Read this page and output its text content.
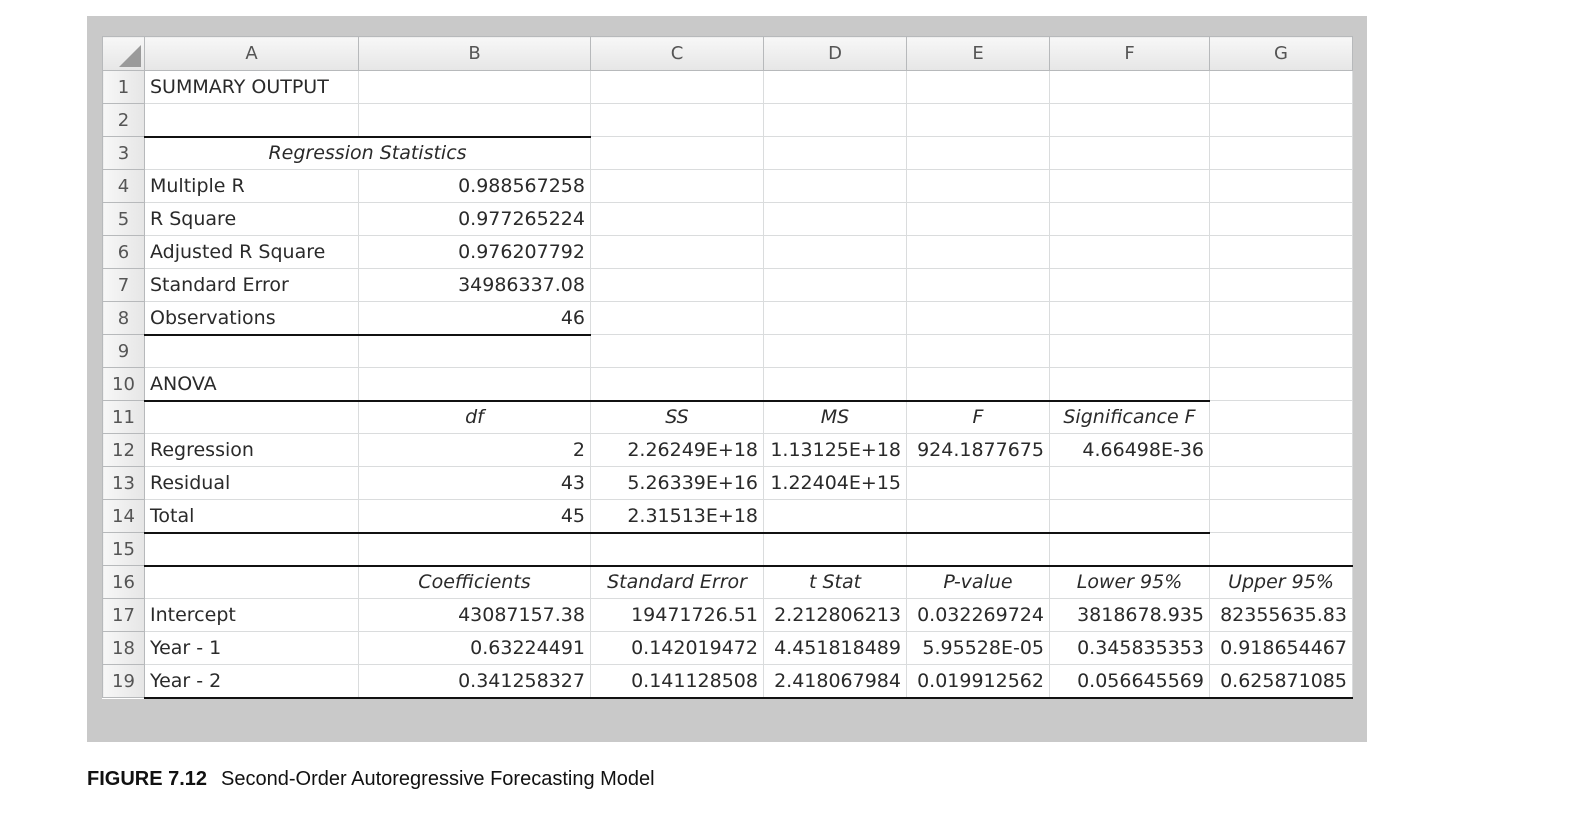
	A	B	C	D	E	F	G
1	SUMMARY OUTPUT						
2							
3	Regression Statistics						
4	Multiple R	0.988567258					
5	R Square	0.977265224					
6	Adjusted R Square	0.976207792					
7	Standard Error	34986337.08					
8	Observations	46					
9							
10	ANOVA						
11		df	SS	MS	F	Significance F	
12	Regression	2	2.26249E+18	1.13125E+18	924.1877675	4.66498E-36	
13	Residual	43	5.26339E+16	1.22404E+15			
14	Total	45	2.31513E+18				
15							
16		Coefficients	Standard Error	t Stat	P-value	Lower 95%	Upper 95%
17	Intercept	43087157.38	19471726.51	2.212806213	0.032269724	3818678.935	82355635.83
18	Year - 1	0.63224491	0.142019472	4.451818489	5.95528E-05	0.345835353	0.918654467
19	Year - 2	0.341258327	0.141128508	2.418067984	0.019912562	0.056645569	0.625871085
FIGURE 7.12 Second-Order Autoregressive Forecasting Model
